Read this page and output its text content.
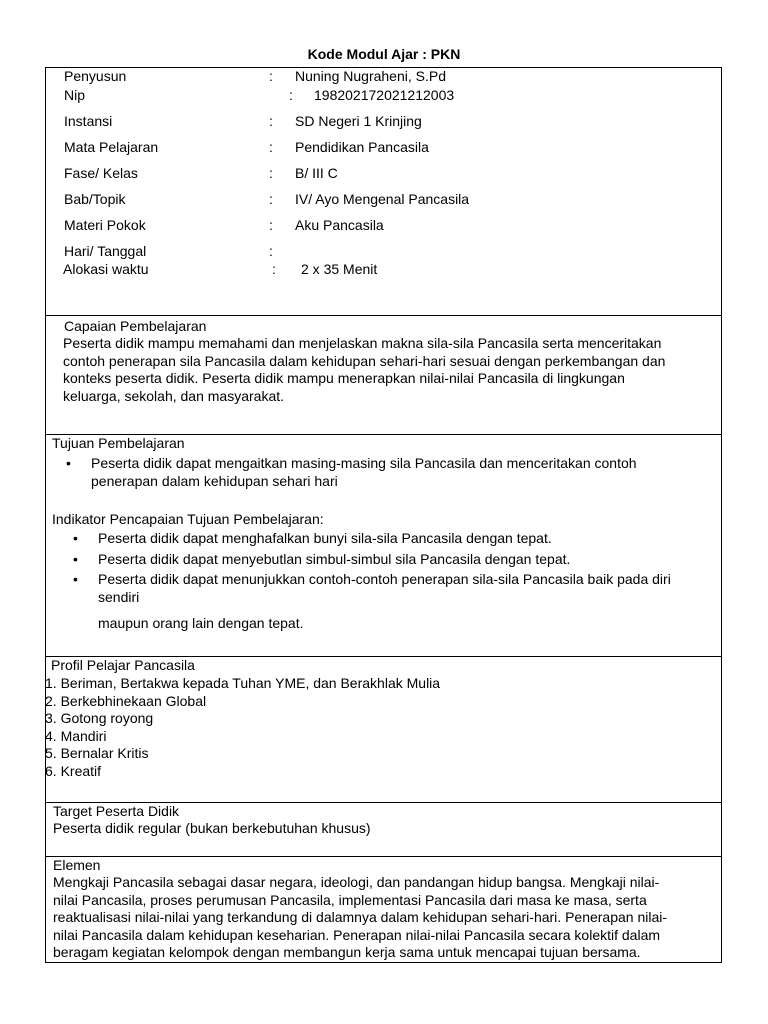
Kode Modul Ajar : PKN
Penyusun	: Nuning Nugraheni, S.Pd
Nip	: 198202172021212003
Instansi	: SD Negeri 1 Krinjing
Mata Pelajaran	: Pendidikan Pancasila
Fase/ Kelas	: B/ III C
Bab/Topik	: IV/ Ayo Mengenal Pancasila
Materi Pokok	: Aku Pancasila
Hari/ Tanggal	:
Alokasi waktu	: 2 x 35 Menit
Capaian Pembelajaran
Peserta didik mampu memahami dan menjelaskan makna sila-sila Pancasila serta menceritakan
contoh penerapan sila Pancasila dalam kehidupan sehari-hari sesuai dengan perkembangan dan
konteks peserta didik. Peserta didik mampu menerapkan nilai-nilai Pancasila di lingkungan
keluarga, sekolah, dan masyarakat.
Tujuan Pembelajaran
• Peserta didik dapat mengaitkan masing-masing sila Pancasila dan menceritakan contoh
penerapan dalam kehidupan sehari hari
Indikator Pencapaian Tujuan Pembelajaran:
• Peserta didik dapat menghafalkan bunyi sila-sila Pancasila dengan tepat.
• Peserta didik dapat menyebutlan simbul-simbul sila Pancasila dengan tepat.
• Peserta didik dapat menunjukkan contoh-contoh penerapan sila-sila Pancasila baik pada diri
sendiri
maupun orang lain dengan tepat.
Profil Pelajar Pancasila
1. Beriman, Bertakwa kepada Tuhan YME, dan Berakhlak Mulia
2. Berkebhinekaan Global
3. Gotong royong
4. Mandiri
5. Bernalar Kritis
6. Kreatif
Target Peserta Didik
Peserta didik regular (bukan berkebutuhan khusus)
Elemen
Mengkaji Pancasila sebagai dasar negara, ideologi, dan pandangan hidup bangsa. Mengkaji nilai-
nilai Pancasila, proses perumusan Pancasila, implementasi Pancasila dari masa ke masa, serta
reaktualisasi nilai-nilai yang terkandung di dalamnya dalam kehidupan sehari-hari. Penerapan nilai-
nilai Pancasila dalam kehidupan keseharian. Penerapan nilai-nilai Pancasila secara kolektif dalam
beragam kegiatan kelompok dengan membangun kerja sama untuk mencapai tujuan bersama.
